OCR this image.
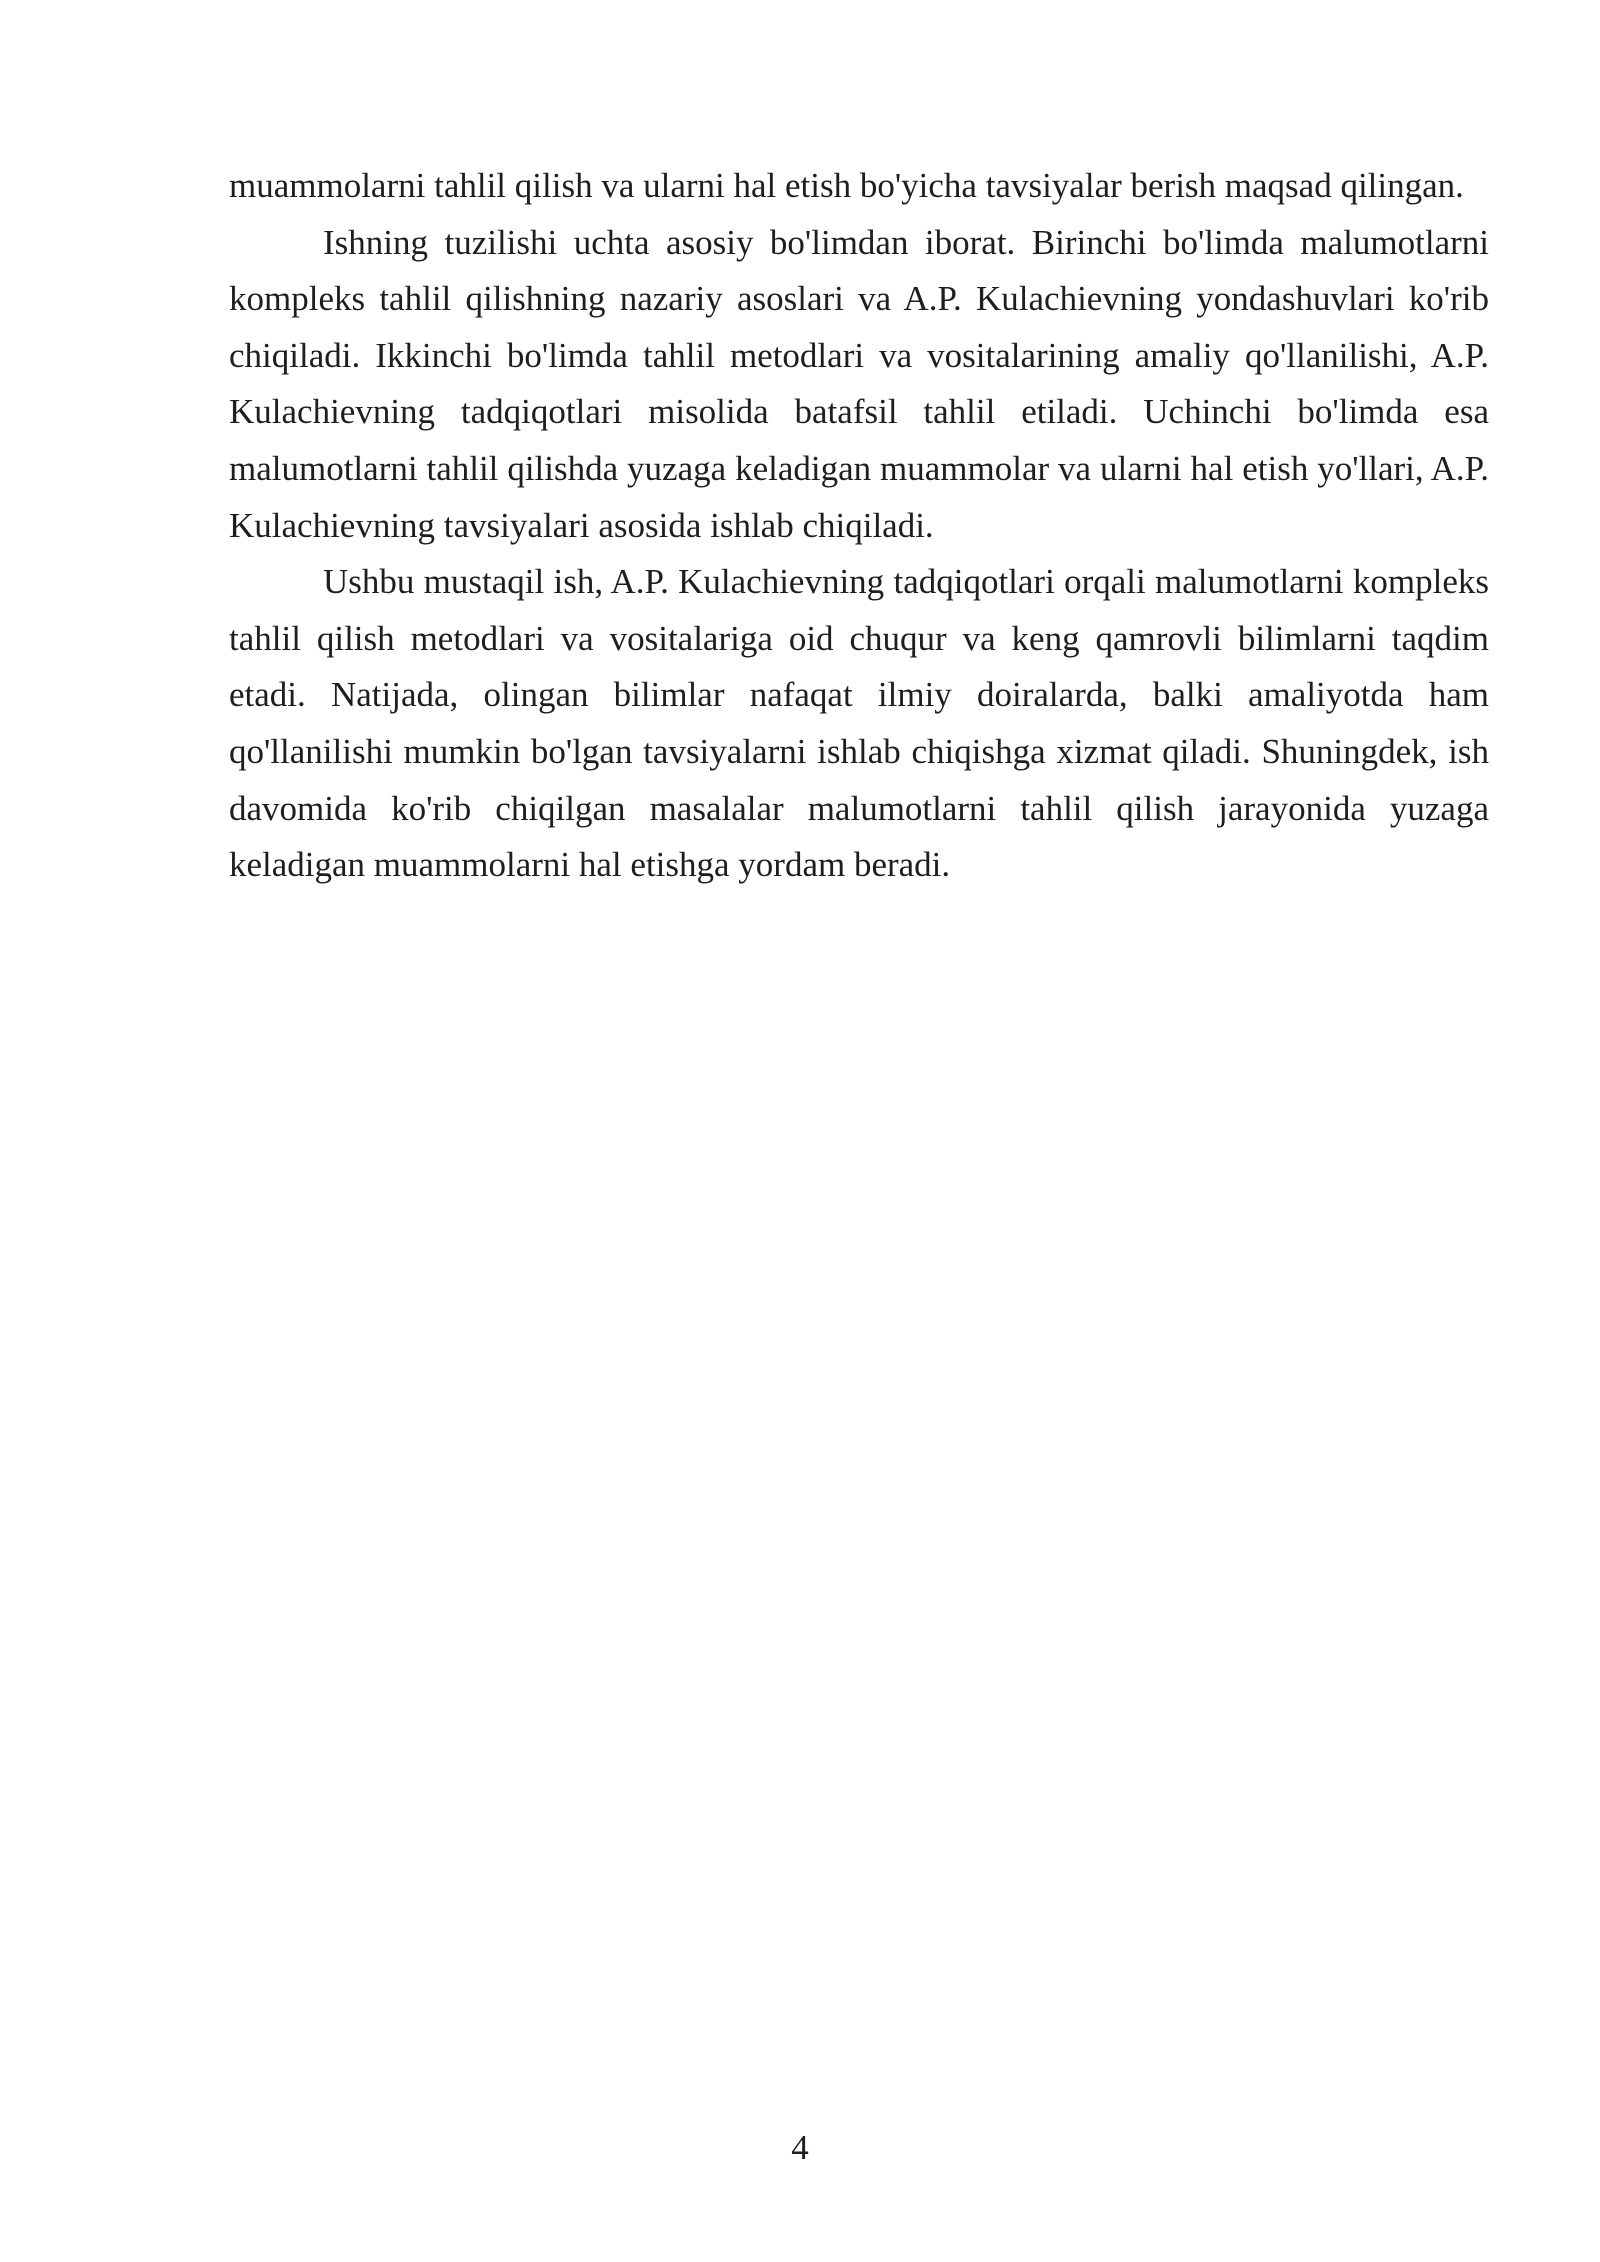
muammolarni tahlil qilish va ularni hal etish bo'yicha tavsiyalar berish maqsad qilingan.

Ishning tuzilishi uchta asosiy bo'limdan iborat. Birinchi bo'limda malumotlarni kompleks tahlil qilishning nazariy asoslari va A.P. Kulachievning yondashuvlari ko'rib chiqiladi. Ikkinchi bo'limda tahlil metodlari va vositalarining amaliy qo'llanilishi, A.P. Kulachievning tadqiqotlari misolida batafsil tahlil etiladi. Uchinchi bo'limda esa malumotlarni tahlil qilishda yuzaga keladigan muammolar va ularni hal etish yo'llari, A.P. Kulachievning tavsiyalari asosida ishlab chiqiladi.

Ushbu mustaqil ish, A.P. Kulachievning tadqiqotlari orqali malumotlarni kompleks tahlil qilish metodlari va vositalariga oid chuqur va keng qamrovli bilimlarni taqdim etadi. Natijada, olingan bilimlar nafaqat ilmiy doiralarda, balki amaliyotda ham qo'llanilishi mumkin bo'lgan tavsiyalarni ishlab chiqishga xizmat qiladi. Shuningdek, ish davomida ko'rib chiqilgan masalalar malumotlarni tahlil qilish jarayonida yuzaga keladigan muammolarni hal etishga yordam beradi.

4
